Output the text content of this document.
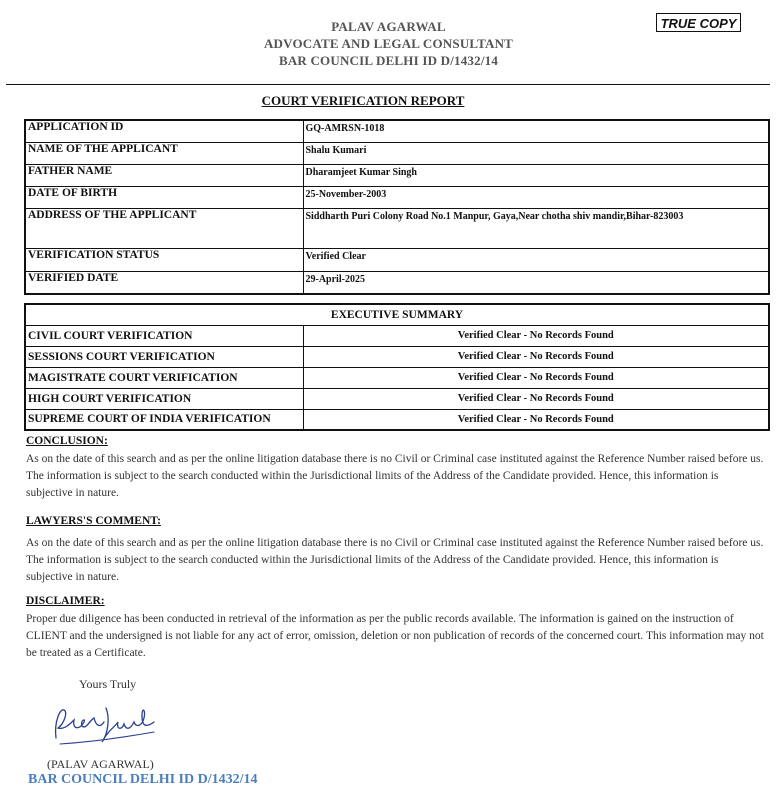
PALAV AGARWAL
ADVOCATE AND LEGAL CONSULTANT
BAR COUNCIL DELHI ID D/1432/14
TRUE COPY
COURT VERIFICATION REPORT
APPLICATION ID	GQ-AMRSN-1018
NAME OF THE APPLICANT	Shalu Kumari
FATHER NAME	Dharamjeet Kumar Singh
DATE OF BIRTH	25-November-2003
ADDRESS OF THE APPLICANT	Siddharth Puri Colony Road No.1 Manpur, Gaya,Near chotha shiv mandir,Bihar-823003
VERIFICATION STATUS	Verified Clear
VERIFIED DATE	29-April-2025
EXECUTIVE SUMMARY	
CIVIL COURT VERIFICATION	Verified Clear - No Records Found
SESSIONS COURT VERIFICATION	Verified Clear - No Records Found
MAGISTRATE COURT VERIFICATION	Verified Clear - No Records Found
HIGH COURT VERIFICATION	Verified Clear - No Records Found
SUPREME COURT OF INDIA VERIFICATION	Verified Clear - No Records Found
CONCLUSION:
As on the date of this search and as per the online litigation database there is no Civil or Criminal case instituted against the Reference Number raised before us. The information is subject to the search conducted within the Jurisdictional limits of the Address of the Candidate provided. Hence, this information is subjective in nature.
LAWYERS'S COMMENT:
As on the date of this search and as per the online litigation database there is no Civil or Criminal case instituted against the Reference Number raised before us. The information is subject to the search conducted within the Jurisdictional limits of the Address of the Candidate provided. Hence, this information is subjective in nature.
DISCLAIMER:
Proper due diligence has been conducted in retrieval of the information as per the public records available. The information is gained on the instruction of CLIENT and the undersigned is not liable for any act of error, omission, deletion or non publication of records of the concerned court. This information may not be treated as a Certificate.
Yours Truly
(PALAV AGARWAL)
BAR COUNCIL DELHI ID D/1432/14
